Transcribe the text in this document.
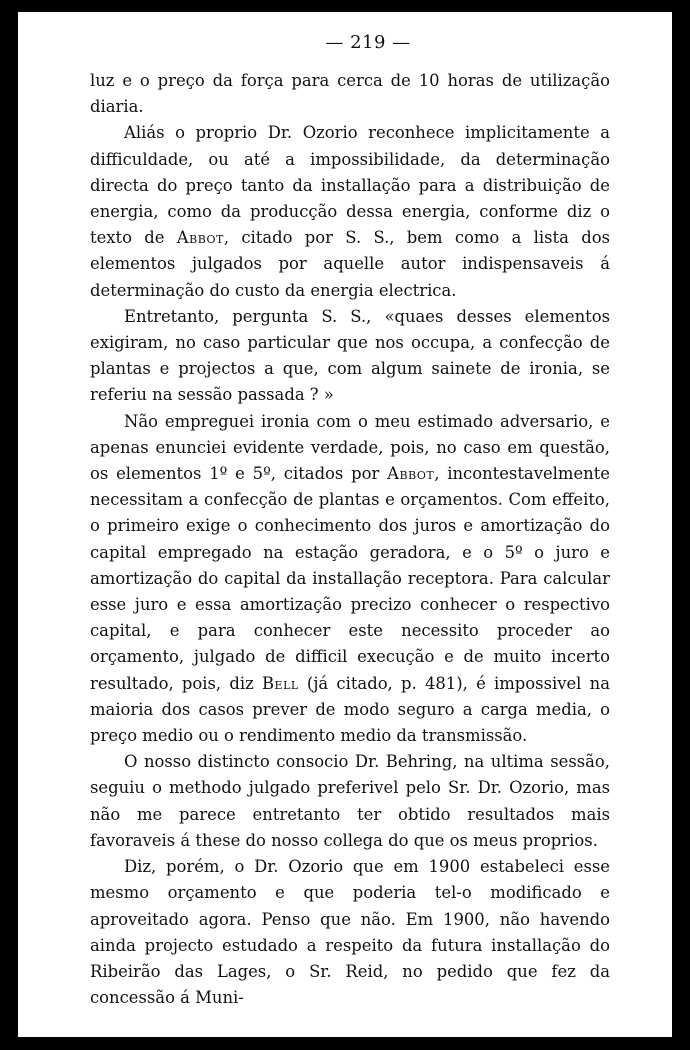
— 219 —

luz e o preço da força para cerca de 10 horas de utilização diaria.

Aliás o proprio Dr. Ozorio reconhece implicitamente a difficuldade, ou até a impossibilidade, da determinação directa do preço tanto da installação para a distribuição de energia, como da producção dessa energia, conforme diz o texto de Abbot, citado por S. S., bem como a lista dos elementos julgados por aquelle autor indispensaveis á determinação do custo da energia electrica.

Entretanto, pergunta S. S., «quaes desses elementos exigiram, no caso particular que nos occupa, a confecção de plantas e projectos a que, com algum sainete de ironia, se referiu na sessão passada ? »

Não empreguei ironia com o meu estimado adversario, e apenas enunciei evidente verdade, pois, no caso em questão, os elementos 1º e 5º, citados por Abbot, incontestavelmente necessitam a confecção de plantas e orçamentos. Com effeito, o primeiro exige o conhecimento dos juros e amortização do capital empregado na estação geradora, e o 5º o juro e amortização do capital da installação receptora. Para calcular esse juro e essa amortização precizo conhecer o respectivo capital, e para conhecer este necessito proceder ao orçamento, julgado de difficil execução e de muito incerto resultado, pois, diz Bell (já citado, p. 481), é impossivel na maioria dos casos prever de modo seguro a carga media, o preço medio ou o rendimento medio da transmissão.

O nosso distincto consocio Dr. Behring, na ultima sessão, seguiu o methodo julgado preferivel pelo Sr. Dr. Ozorio, mas não me parece entretanto ter obtido resultados mais favoraveis á these do nosso collega do que os meus proprios.

Diz, porém, o Dr. Ozorio que em 1900 estabeleci esse mesmo orçamento e que poderia tel-o modificado e aproveitado agora. Penso que não. Em 1900, não havendo ainda projecto estudado a respeito da futura installação do Ribeirão das Lages, o Sr. Reid, no pedido que fez da concessão á Muni-
